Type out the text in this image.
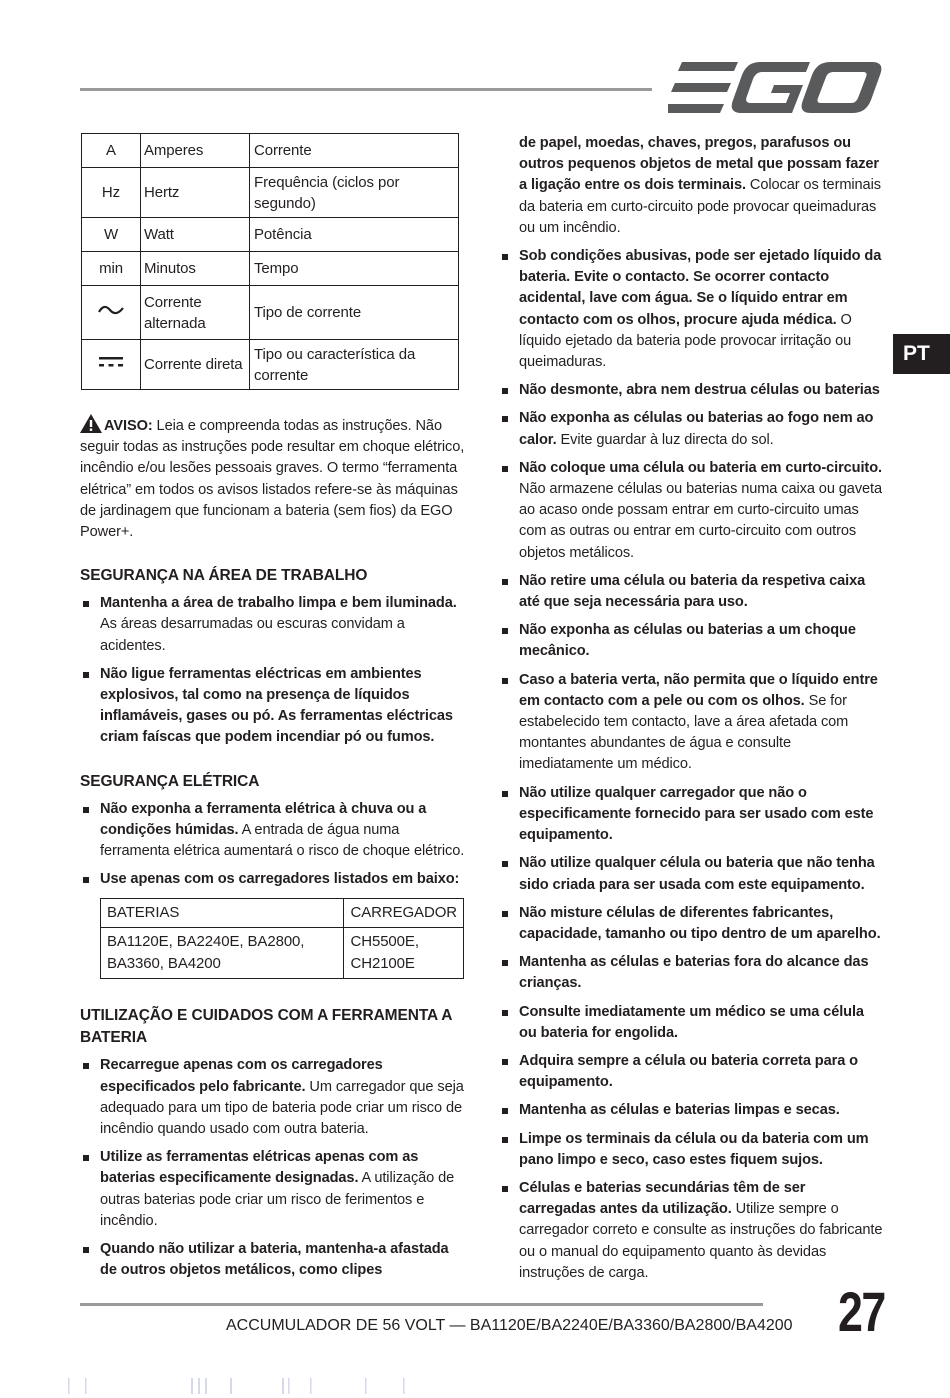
PT
A	Amperes	Corrente
Hz	Hertz	Frequência (ciclos por segundo)
W	Watt	Potência
min	Minutos	Tempo
	Corrente alternada	Tipo de corrente
	Corrente direta	Tipo ou característica da corrente
AVISO: Leia e compreenda todas as instruções. Não seguir todas as instruções pode resultar em choque elétrico, incêndio e/ou lesões pessoais graves. O termo “ferramenta elétrica” em todos os avisos listados refere-se às máquinas de jardinagem que funcionam a bateria (sem fios) da EGO Power+.
SEGURANÇA NA ÁREA DE TRABALHO
Mantenha a área de trabalho limpa e bem iluminada. As áreas desarrumadas ou escuras convidam a acidentes.
Não ligue ferramentas eléctricas em ambientes explosivos, tal como na presença de líquidos inflamáveis, gases ou pó. As ferramentas eléctricas criam faíscas que podem incendiar pó ou fumos.
SEGURANÇA ELÉTRICA
Não exponha a ferramenta elétrica à chuva ou a condições húmidas. A entrada de água numa ferramenta elétrica aumentará o risco de choque elétrico.
Use apenas com os carregadores listados em baixo:
BATERIAS	CARREGADOR
BA1120E, BA2240E, BA2800, BA3360, BA4200	CH5500E, CH2100E
UTILIZAÇÃO E CUIDADOS COM A FERRAMENTA A BATERIA
Recarregue apenas com os carregadores especificados pelo fabricante. Um carregador que seja adequado para um tipo de bateria pode criar um risco de incêndio quando usado com outra bateria.
Utilize as ferramentas elétricas apenas com as baterias especificamente designadas. A utilização de outras baterias pode criar um risco de ferimentos e incêndio.
Quando não utilizar a bateria, mantenha-a afastada de outros objetos metálicos, como clipes

de papel, moedas, chaves, pregos, parafusos ou outros pequenos objetos de metal que possam fazer a ligação entre os dois terminais. Colocar os terminais da bateria em curto-circuito pode provocar queimaduras ou um incêndio.

Sob condições abusivas, pode ser ejetado líquido da bateria. Evite o contacto. Se ocorrer contacto acidental, lave com água. Se o líquido entrar em contacto com os olhos, procure ajuda médica. O líquido ejetado da bateria pode provocar irritação ou queimaduras.
Não desmonte, abra nem destrua células ou baterias
Não exponha as células ou baterias ao fogo nem ao calor. Evite guardar à luz directa do sol.
Não coloque uma célula ou bateria em curto-circuito. Não armazene células ou baterias numa caixa ou gaveta ao acaso onde possam entrar em curto-circuito umas com as outras ou entrar em curto-circuito com outros objetos metálicos.
Não retire uma célula ou bateria da respetiva caixa até que seja necessária para uso.
Não exponha as células ou baterias a um choque mecânico.
Caso a bateria verta, não permita que o líquido entre em contacto com a pele ou com os olhos. Se for estabelecido tem contacto, lave a área afetada com montantes abundantes de água e consulte imediatamente um médico.
Não utilize qualquer carregador que não o especificamente fornecido para ser usado com este equipamento.
Não utilize qualquer célula ou bateria que não tenha sido criada para ser usada com este equipamento.
Não misture células de diferentes fabricantes, capacidade, tamanho ou tipo dentro de um aparelho.
Mantenha as células e baterias fora do alcance das crianças.
Consulte imediatamente um médico se uma célula ou bateria for engolida.
Adquira sempre a célula ou bateria correta para o equipamento.
Mantenha as células e baterias limpas e secas.
Limpe os terminais da célula ou da bateria com um pano limpo e seco, caso estes fiquem sujos.
Células e baterias secundárias têm de ser carregadas antes da utilização. Utilize sempre o carregador correto e consulte as instruções do fabricante ou o manual do equipamento quanto às devidas instruções de carga.
ACCUMULADOR DE 56 VOLT — BA1120E/BA2240E/BA3360/BA2800/BA4200 27
